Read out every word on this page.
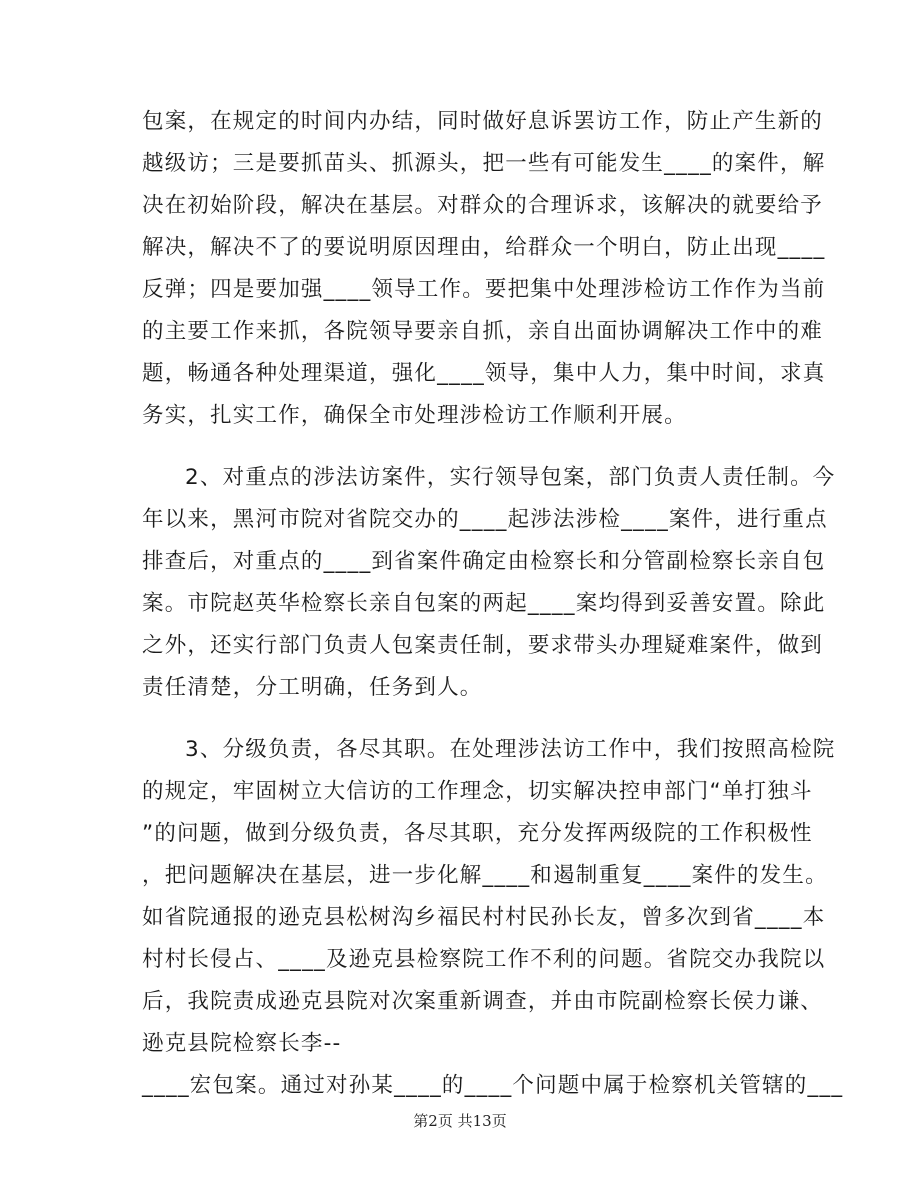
包案，在规定的时间内办结，同时做好息诉罢访工作，防止产生新的
越级访；三是要抓苗头、抓源头，把一些有可能发生____的案件，解
决在初始阶段，解决在基层。对群众的合理诉求，该解决的就要给予
解决，解决不了的要说明原因理由，给群众一个明白，防止出现____
反弹；四是要加强____领导工作。要把集中处理涉检访工作作为当前
的主要工作来抓，各院领导要亲自抓，亲自出面协调解决工作中的难
题，畅通各种处理渠道，强化____领导，集中人力，集中时间，求真
务实，扎实工作，确保全市处理涉检访工作顺利开展。
2、对重点的涉法访案件，实行领导包案，部门负责人责任制。今
年以来，黑河市院对省院交办的____起涉法涉检____案件，进行重点
排查后，对重点的____到省案件确定由检察长和分管副检察长亲自包
案。市院赵英华检察长亲自包案的两起____案均得到妥善安置。除此
之外，还实行部门负责人包案责任制，要求带头办理疑难案件，做到
责任清楚，分工明确，任务到人。
3、分级负责，各尽其职。在处理涉法访工作中，我们按照高检院
的规定，牢固树立大信访的工作理念，切实解决控申部门“单打独斗
”的问题，做到分级负责，各尽其职，充分发挥两级院的工作积极性
，把问题解决在基层，进一步化解____和遏制重复____案件的发生。
如省院通报的逊克县松树沟乡福民村村民孙长友，曾多次到省____本
村村长侵占、____及逊克县检察院工作不利的问题。省院交办我院以
后，我院责成逊克县院对次案重新调查，并由市院副检察长侯力谦、
逊克县院检察长李--
____宏包案。通过对孙某____的____个问题中属于检察机关管辖的___
第2页 共13页
